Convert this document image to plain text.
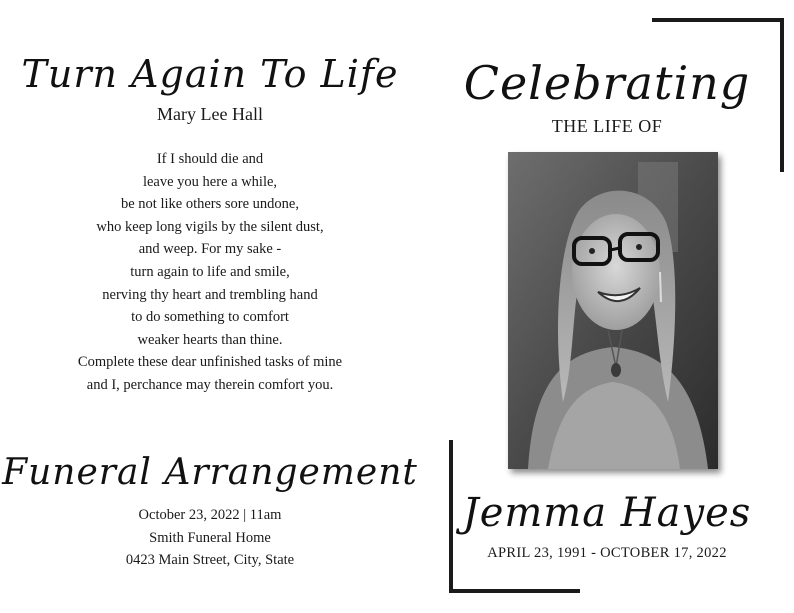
Turn Again To Life
Mary Lee Hall
If I should die and
leave you here a while,
be not like others sore undone,
who keep long vigils by the silent dust,
and weep. For my sake -
turn again to life and smile,
nerving thy heart and trembling hand
to do something to comfort
weaker hearts than thine.
Complete these dear unfinished tasks of mine
and I, perchance may therein comfort you.
Funeral Arrangement
October 23, 2022 | 11am
Smith Funeral Home
0423 Main Street, City, State
Celebrating
THE LIFE OF
Jemma Hayes
APRIL 23, 1991 - OCTOBER 17, 2022
